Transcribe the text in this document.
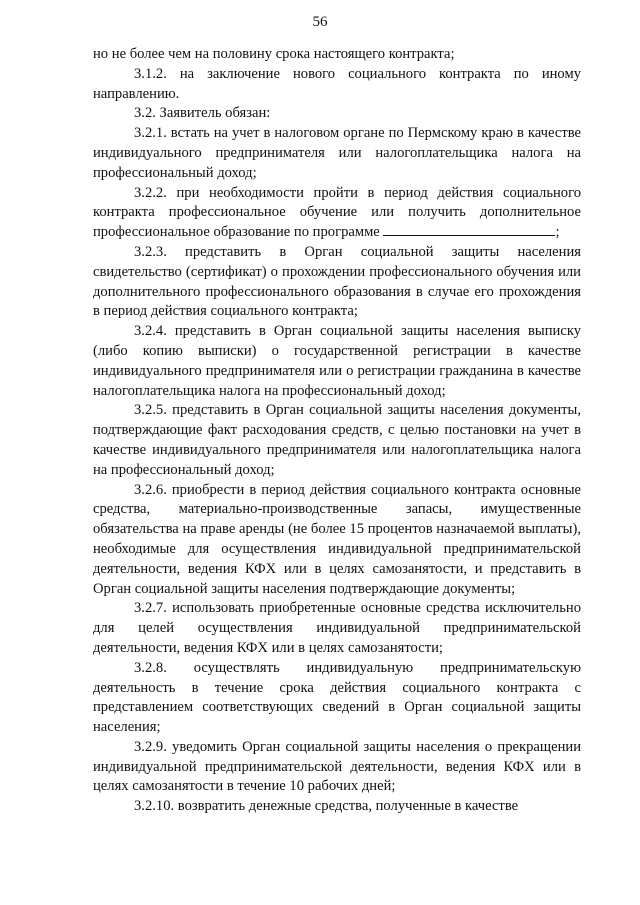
56

но не более чем на половину срока настоящего контракта;

3.1.2. на заключение нового социального контракта по иному направлению.

3.2. Заявитель обязан:

3.2.1. встать на учет в налоговом органе по Пермскому краю в качестве индивидуального предпринимателя или налогоплательщика налога на профессиональный доход;

3.2.2. при необходимости пройти в период действия социального контракта профессиональное обучение или получить дополнительное профессиональное образование по программе	;

3.2.3. представить в Орган социальной защиты населения свидетельство (сертификат) о прохождении профессионального обучения или дополнительного профессионального образования в случае его прохождения в период действия социального контракта;

3.2.4. представить в Орган социальной защиты населения выписку (либо копию выписки) о государственной регистрации в качестве индивидуального предпринимателя или о регистрации гражданина в качестве налогоплательщика налога на профессиональный доход;

3.2.5. представить в Орган социальной защиты населения документы, подтверждающие факт расходования средств, с целью постановки на учет в качестве индивидуального предпринимателя или налогоплательщика налога на профессиональный доход;

3.2.6. приобрести в период действия социального контракта основные средства, материально-производственные запасы, имущественные обязательства на праве аренды (не более 15 процентов назначаемой выплаты), необходимые для осуществления индивидуальной предпринимательской деятельности, ведения КФХ или в целях самозанятости, и представить в Орган социальной защиты населения подтверждающие документы;

3.2.7. использовать приобретенные основные средства исключительно для целей осуществления индивидуальной предпринимательской деятельности, ведения КФХ или в целях самозанятости;

3.2.8. осуществлять индивидуальную предпринимательскую деятельность в течение срока действия социального контракта с представлением соответствующих сведений в Орган социальной защиты населения;

3.2.9. уведомить Орган социальной защиты населения о прекращении индивидуальной предпринимательской деятельности, ведения КФХ или в целях самозанятости в течение 10 рабочих дней;

3.2.10. возвратить денежные средства, полученные в качестве
